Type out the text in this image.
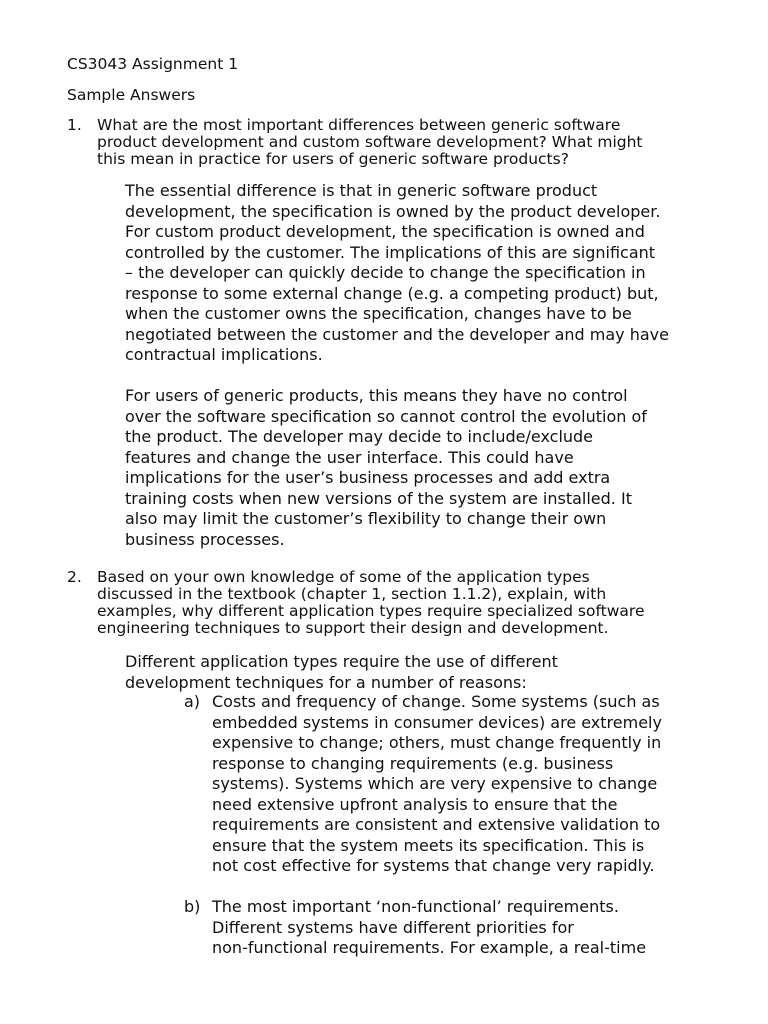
CS3043 Assignment 1
Sample Answers
1. What are the most important differences between generic software
product development and custom software development? What might
this mean in practice for users of generic software products?
The essential difference is that in generic software product
development, the specification is owned by the product developer.
For custom product development, the specification is owned and
controlled by the customer. The implications of this are significant
– the developer can quickly decide to change the specification in
response to some external change (e.g. a competing product) but,
when the customer owns the specification, changes have to be
negotiated between the customer and the developer and may have
contractual implications.
For users of generic products, this means they have no control
over the software specification so cannot control the evolution of
the product. The developer may decide to include/exclude
features and change the user interface. This could have
implications for the user’s business processes and add extra
training costs when new versions of the system are installed. It
also may limit the customer’s flexibility to change their own
business processes.
2. Based on your own knowledge of some of the application types
discussed in the textbook (chapter 1, section 1.1.2), explain, with
examples, why different application types require specialized software
engineering techniques to support their design and development.
Different application types require the use of different
development techniques for a number of reasons:
a) Costs and frequency of change. Some systems (such as
embedded systems in consumer devices) are extremely
expensive to change; others, must change frequently in
response to changing requirements (e.g. business
systems). Systems which are very expensive to change
need extensive upfront analysis to ensure that the
requirements are consistent and extensive validation to
ensure that the system meets its specification. This is
not cost effective for systems that change very rapidly.
b) The most important ‘non-functional’ requirements.
Different systems have different priorities for
non-functional requirements. For example, a real-time
